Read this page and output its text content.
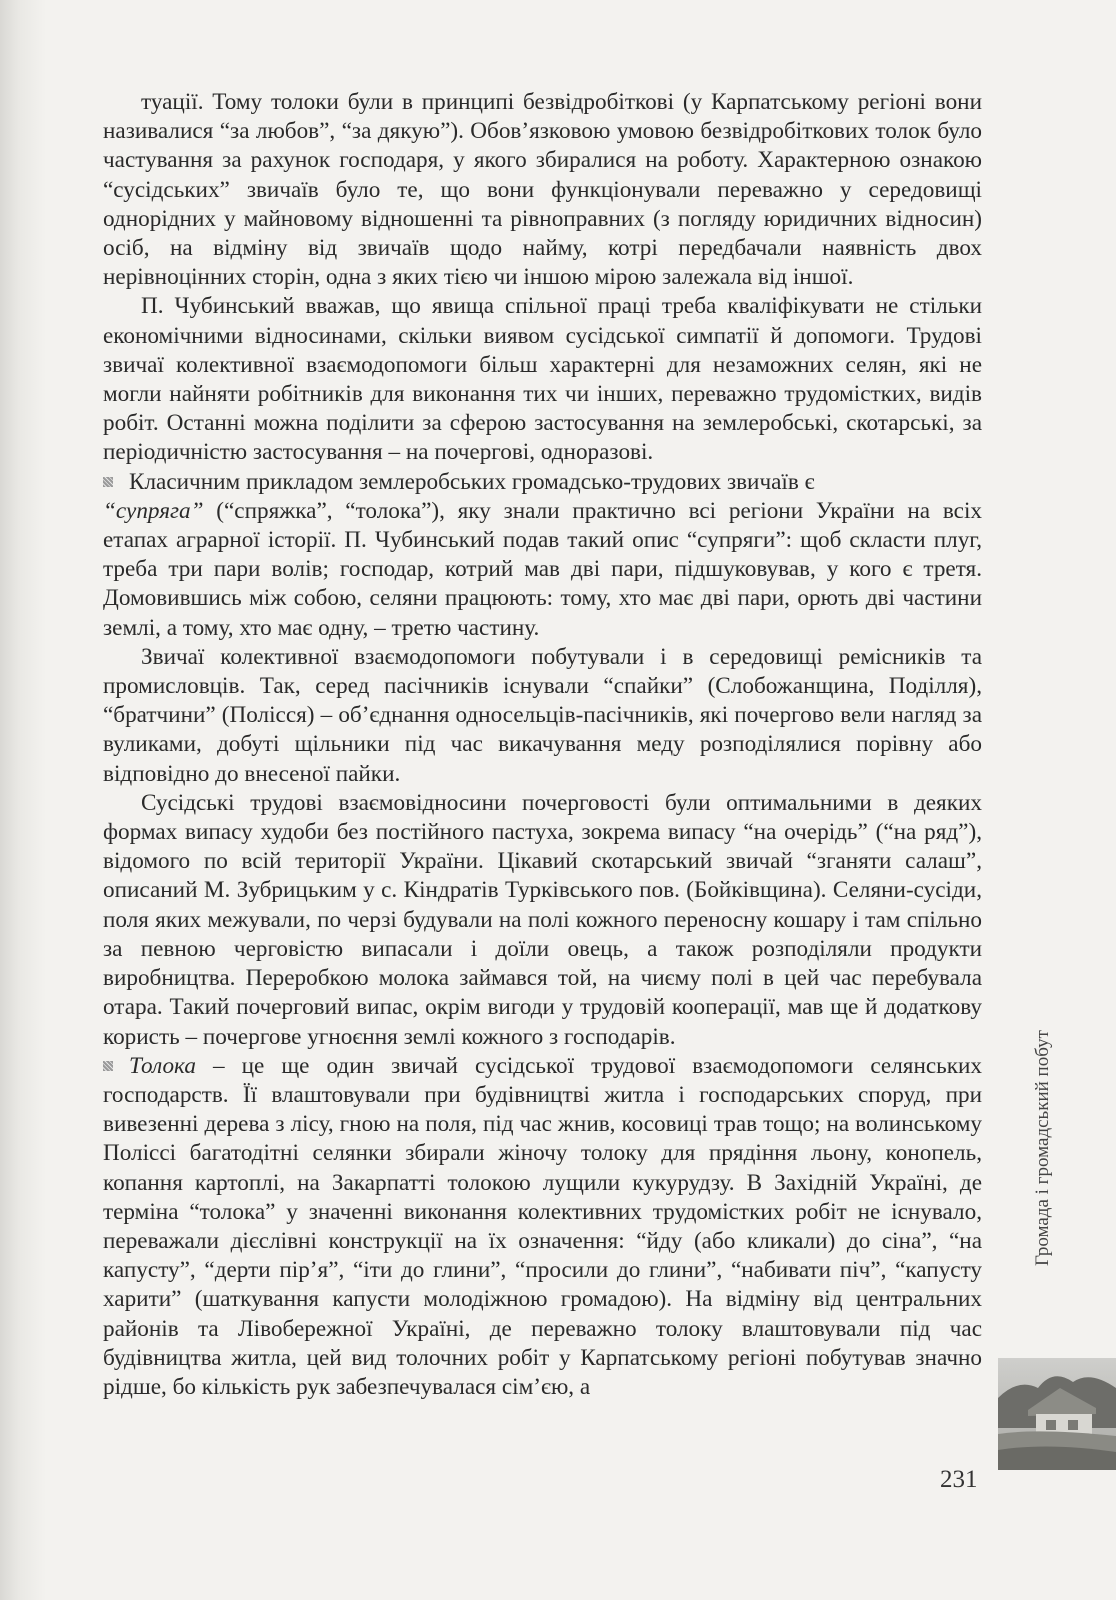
туації. Тому толоки були в принципі безвідробіткові (у Карпатському регіоні вони називалися “за любов”, “за дякую”). Обов’язковою умовою безвідробіткових толок було частування за рахунок господаря, у якого збиралися на роботу. Характерною ознакою “сусідських” звичаїв було те, що вони функціонували переважно у середовищі однорідних у майновому відношенні та рівноправних (з погляду юридичних відносин) осіб, на відміну від звичаїв щодо найму, котрі передбачали наявність двох нерівноцінних сторін, одна з яких тією чи іншою мірою залежала від іншої.

П. Чубинський вважав, що явища спільної праці треба кваліфікувати не стільки економічними відносинами, скільки виявом сусідської симпатії й допомоги. Трудові звичаї колективної взаємодопомоги більш характерні для незаможних селян, які не могли найняти робітників для виконання тих чи інших, переважно трудомістких, видів робіт. Останні можна поділити за сферою застосування на землеробські, скотарські, за періодичністю застосування – на почергові, одноразові.

Класичним прикладом землеробських громадсько-трудових звичаїв є
“супряга” (“спряжка”, “толока”), яку знали практично всі регіони України на всіх етапах аграрної історії. П. Чубинський подав такий опис “супряги”: щоб скласти плуг, треба три пари волів; господар, котрий мав дві пари, підшуковував, у кого є третя. Домовившись між собою, селяни працюють: тому, хто має дві пари, орють дві частини землі, а тому, хто має одну, – третю частину.

Звичаї колективної взаємодопомоги побутували і в середовищі ремісників та промисловців. Так, серед пасічників існували “спайки” (Слобожанщина, Поділля), “братчини” (Полісся) – об’єднання односельців-пасічників, які почергово вели нагляд за вуликами, добуті щільники під час викачування меду розподілялися порівну або відповідно до внесеної пайки.

Сусідські трудові взаємовідносини почерговості були оптимальними в деяких формах випасу худоби без постійного пастуха, зокрема випасу “на очерідь” (“на ряд”), відомого по всій території України. Цікавий скотарський звичай “зганяти салаш”, описаний М. Зубрицьким у с. Кіндратів Турківського пов. (Бойківщина). Селяни-сусіди, поля яких межували, по черзі будували на полі кожного переносну кошару і там спільно за певною черговістю випасали і доїли овець, а також розподіляли продукти виробництва. Переробкою молока займався той, на чиєму полі в цей час перебувала отара. Такий почерговий випас, окрім вигоди у трудовій кооперації, мав ще й додаткову користь – почергове угноєння землі кожного з господарів.

Толока – це ще один звичай сусідської трудової взаємодопомоги селянських господарств. Її влаштовували при будівництві житла і господарських споруд, при вивезенні дерева з лісу, гною на поля, під час жнив, косовиці трав тощо; на волинському Поліссі багатодітні селянки збирали жіночу толоку для прядіння льону, конопель, копання картоплі, на Закарпатті толокою лущили кукурудзу. В Західній Україні, де терміна “толока” у значенні виконання колективних трудомістких робіт не існувало, переважали дієслівні конструкції на їх означення: “йду (або кликали) до сіна”, “на капусту”, “дерти пір’я”, “іти до глини”, “просили до глини”, “набивати піч”, “капусту харити” (шаткування капусти молодіжною громадою). На відміну від центральних районів та Лівобережної Україні, де переважно толоку влаштовували під час будівництва житла, цей вид толочних робіт у Карпатському регіоні побутував значно рідше, бо кількість рук забезпечувалася сім’єю, а

Громада і громадський побут
231
